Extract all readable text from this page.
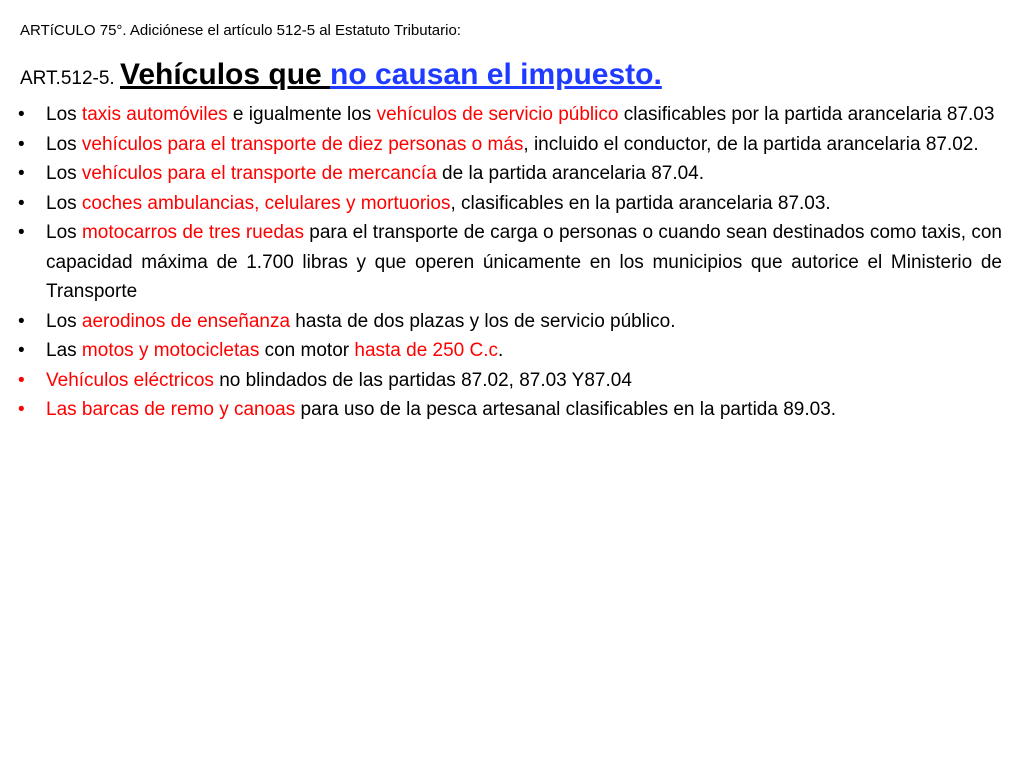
ARTíCULO 75°. Adiciónese el artículo 512-5 al Estatuto Tributario:
ART.512-5. Vehículos que no causan el impuesto.
• Los taxis automóviles e igualmente los vehículos de servicio público clasificables por la partida arancelaria 87.03
• Los vehículos para el transporte de diez personas o más, incluido el conductor, de la partida arancelaria 87.02.
• Los vehículos para el transporte de mercancía de la partida arancelaria 87.04.
• Los coches ambulancias, celulares y mortuorios, clasificables en la partida arancelaria 87.03.
• Los motocarros de tres ruedas para el transporte de carga o personas o cuando sean destinados como taxis, con capacidad máxima de 1.700 libras y que operen únicamente en los municipios que autorice el Ministerio de Transporte
• Los aerodinos de enseñanza hasta de dos plazas y los de servicio público.
• Las motos y motocicletas con motor hasta de 250 C.c.
• Vehículos eléctricos no blindados de las partidas 87.02, 87.03 Y87.04
• Las barcas de remo y canoas para uso de la pesca artesanal clasificables en la partida 89.03.
